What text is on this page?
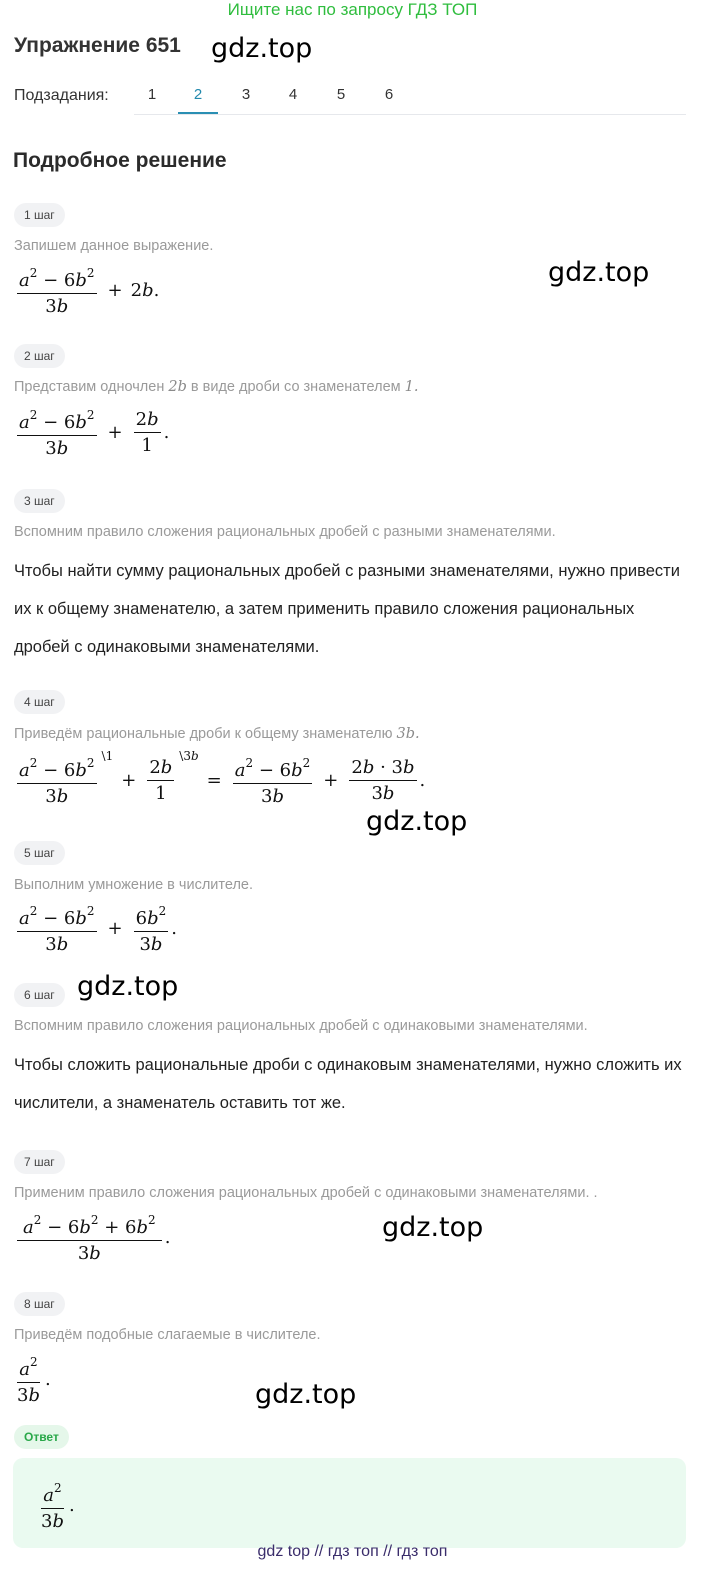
Ищите нас по запросу ГДЗ ТОП
Упражнение 651 gdz.top
gdz.top
gdz.top
gdz.top
gdz.top
gdz.top
Подзадания:	1	2	3	4	5	6
Подробное решение
1 шаг
Запишем данное выражение.
$\frac{a^2 - 6b^2}{3b} + 2b$.
2 шаг
Представим одночлен 2b в виде дроби со знаменателем 1.
$\frac{a^2 - 6b^2}{3b} + \frac{2b}{1}$ .
3 шаг
Вспомним правило сложения рациональных дробей с разными знаменателями.
Чтобы найти сумму рациональных дробей с разными знаменателями, нужно привести их к общему знаменателю, а затем применить правило сложения рациональных дробей с одинаковыми знаменателями.
4 шаг
Приведём рациональные дроби к общему знаменателю 3b.
$\frac{a^2 - 6b^2}{3b}$ \1
+ $\frac{2b}{1}$
\3b
= $\frac{a^2 - 6b^2}{3b} + \frac{2b \cdot 3b}{3b}$ .
5 шаг
Выполним умножение в числителе.
$\frac{a^2 - 6b^2}{3b} + \frac{6b^2}{3b}$ .
6 шаг
Вспомним правило сложения рациональных дробей с одинаковыми знаменателями.
Чтобы сложить рациональные дроби с одинаковым знаменателями, нужно сложить их числители, а знаменатель оставить тот же.
7 шаг
Применим правило сложения рациональных дробей с одинаковыми знаменателями. .
$\frac{a^2 - 6b^2 + 6b^2}{3b}$ .
8 шаг
Приведём подобные слагаемые в числителе.
$\frac{a^2}{3b}$ .
Ответ
$\frac{a^2}{3b}$ .
gdz top // гдз топ // гдз топ
